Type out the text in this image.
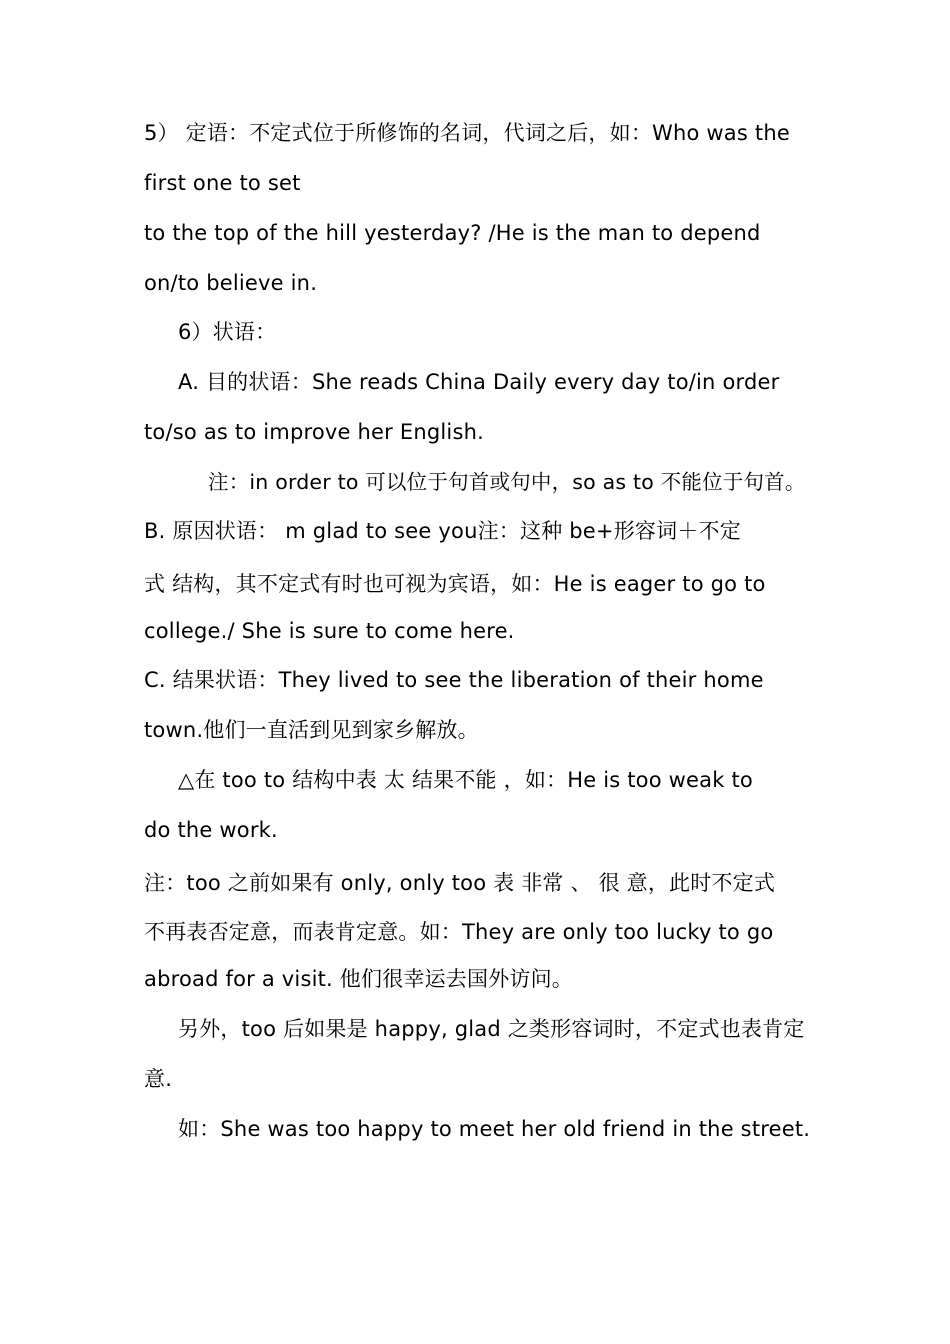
5） 定语：不定式位于所修饰的名词，代词之后，如：Who was the

first one to set

to the top of the hill yesterday? /He is the man to depend

on/to believe in.

6）状语：

A. 目的状语：She reads China Daily every day to/in order

to/so as to improve her English.

注：in order to 可以位于句首或句中，so as to 不能位于句首。

B. 原因状语： m glad to see you注：这种 be+形容词＋不定

式 结构，其不定式有时也可视为宾语，如：He is eager to go to

college./ She is sure to come here.

C. 结果状语：They lived to see the liberation of their home

town.他们一直活到见到家乡解放。

△在 too to 结构中表 太 结果不能 ，如：He is too weak to

do the work.

注：too 之前如果有 only, only too 表 非常 、 很 意，此时不定式

不再表否定意，而表肯定意。如：They are only too lucky to go

abroad for a visit. 他们很幸运去国外访问。

另外，too 后如果是 happy, glad 之类形容词时，不定式也表肯定

意.

如：She was too happy to meet her old friend in the street.
